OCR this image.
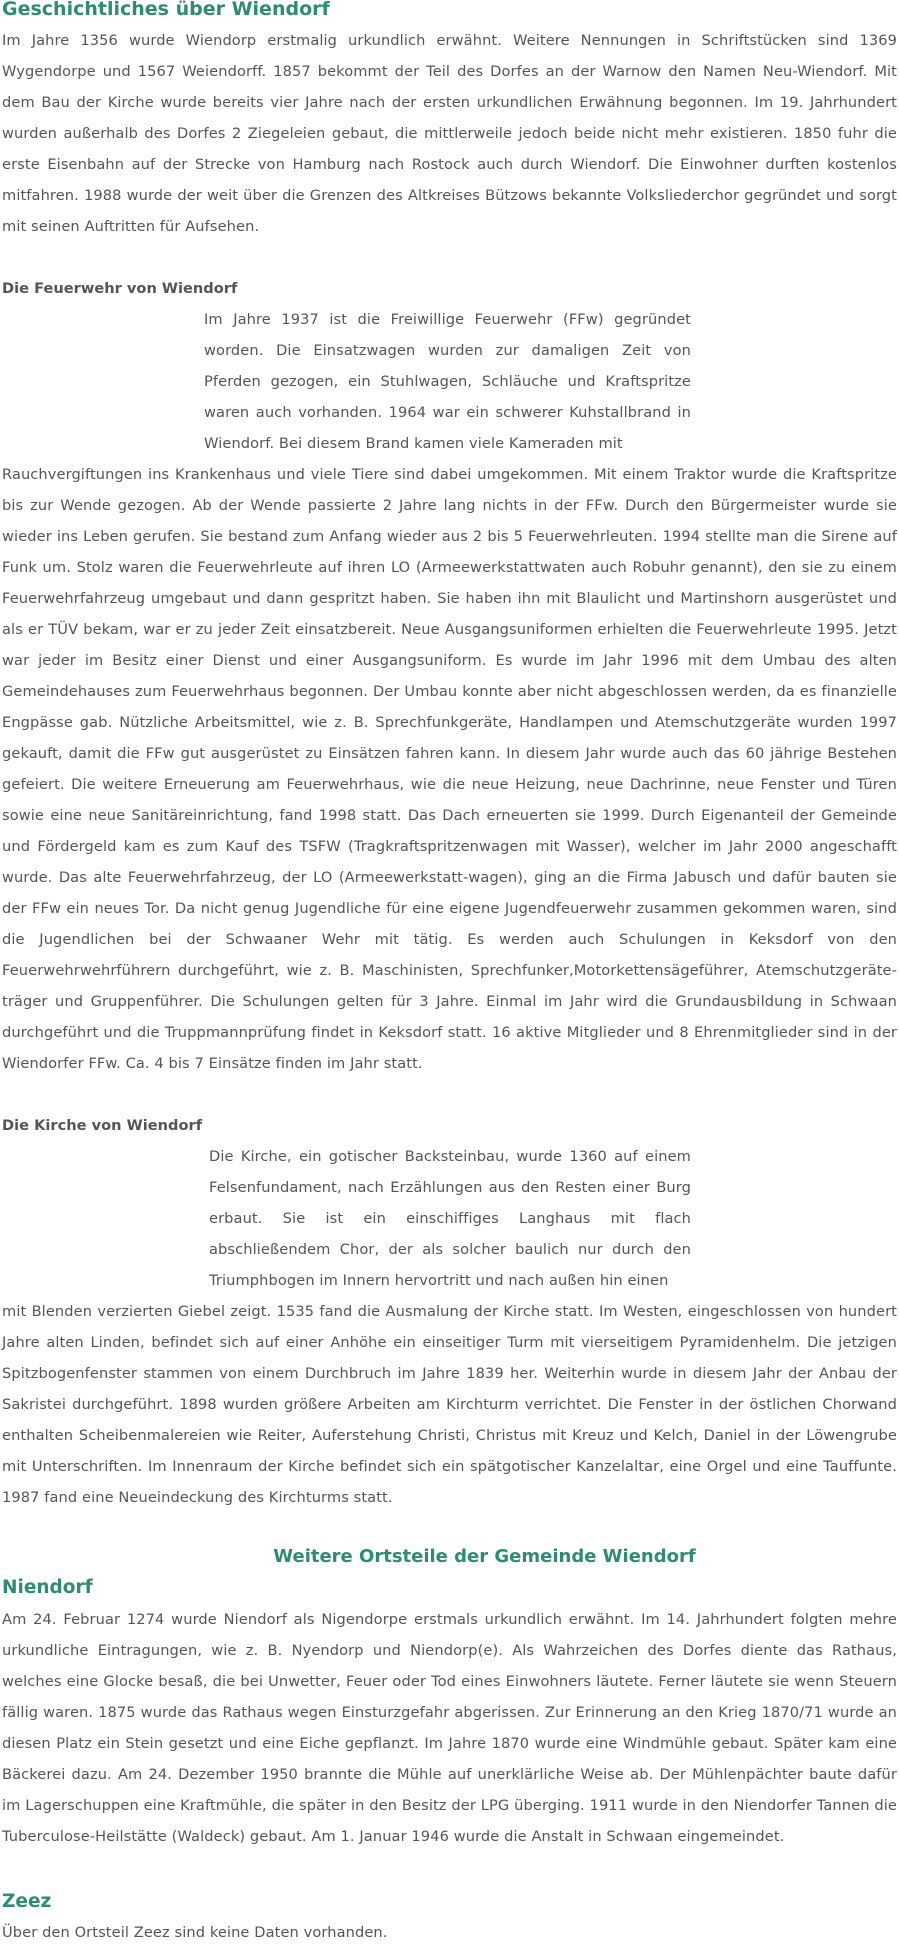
Geschichtliches über Wiendorf

Im Jahre 1356 wurde Wiendorp erstmalig urkundlich erwähnt. Weitere Nennungen in Schriftstücken sind 1369 Wygendorpe und 1567 Weiendorff. 1857 bekommt der Teil des Dorfes an der Warnow den Namen Neu-Wiendorf. Mit dem Bau der Kirche wurde bereits vier Jahre nach der ersten urkundlichen Erwähnung begonnen. Im 19. Jahrhundert wurden außerhalb des Dorfes 2 Ziegeleien gebaut, die mittlerweile jedoch beide nicht mehr existieren. 1850 fuhr die erste Eisenbahn auf der Strecke von Hamburg nach Rostock auch durch Wiendorf. Die Einwohner durften kostenlos mitfahren. 1988 wurde der weit über die Grenzen des Altkreises Bützows bekannte Volksliederchor gegründet und sorgt mit seinen Auftritten für Aufsehen.

Die Feuerwehr von Wiendorf

Im Jahre 1937 ist die Freiwillige Feuerwehr (FFw) gegründet worden. Die Einsatzwagen wurden zur damaligen Zeit von Pferden gezogen, ein Stuhlwagen, Schläuche und Kraftspritze waren auch vorhanden. 1964 war ein schwerer Kuhstallbrand in Wiendorf. Bei diesem Brand kamen viele Kameraden mit

Rauchvergiftungen ins Krankenhaus und viele Tiere sind dabei umgekommen. Mit einem Traktor wurde die Kraftspritze bis zur Wende gezogen. Ab der Wende passierte 2 Jahre lang nichts in der FFw. Durch den Bürgermeister wurde sie wieder ins Leben gerufen. Sie bestand zum Anfang wieder aus 2 bis 5 Feuerwehrleuten. 1994 stellte man die Sirene auf Funk um. Stolz waren die Feuerwehrleute auf ihren LO (Armeewerkstattwaten auch Robuhr genannt), den sie zu einem Feuerwehrfahrzeug umgebaut und dann gespritzt haben. Sie haben ihn mit Blaulicht und Martinshorn ausgerüstet und als er TÜV bekam, war er zu jeder Zeit einsatzbereit. Neue Ausgangsuniformen erhielten die Feuerwehrleute 1995. Jetzt war jeder im Besitz einer Dienst und einer Ausgangsuniform. Es wurde im Jahr 1996 mit dem Umbau des alten Gemeindehauses zum Feuerwehrhaus begonnen. Der Umbau konnte aber nicht abgeschlossen werden, da es finanzielle Engpässe gab. Nützliche Arbeitsmittel, wie z. B. Sprechfunkgeräte, Handlampen und Atemschutzgeräte wurden 1997 gekauft, damit die FFw gut ausgerüstet zu Einsätzen fahren kann. In diesem Jahr wurde auch das 60 jährige Bestehen gefeiert. Die weitere Erneuerung am Feuerwehrhaus, wie die neue Heizung, neue Dachrinne, neue Fenster und Türen sowie eine neue Sanitäreinrichtung, fand 1998 statt. Das Dach erneuerten sie 1999. Durch Eigenanteil der Gemeinde und Fördergeld kam es zum Kauf des TSFW (Tragkraftspritzenwagen mit Wasser), welcher im Jahr 2000 angeschafft wurde. Das alte Feuerwehrfahrzeug, der LO (Armeewerkstatt-wagen), ging an die Firma Jabusch und dafür bauten sie der FFw ein neues Tor. Da nicht genug Jugendliche für eine eigene Jugendfeuerwehr zusammen gekommen waren, sind die Jugendlichen bei der Schwaaner Wehr mit tätig. Es werden auch Schulungen in Keksdorf von den Feuerwehrwehrführern durchgeführt, wie z. B. Maschinisten, Sprechfunker,Motorkettensägeführer, Atemschutzgeräte-träger und Gruppenführer. Die Schulungen gelten für 3 Jahre. Einmal im Jahr wird die Grundausbildung in Schwaan durchgeführt und die Truppmannprüfung findet in Keksdorf statt. 16 aktive Mitglieder und 8 Ehrenmitglieder sind in der Wiendorfer FFw. Ca. 4 bis 7 Einsätze finden im Jahr statt.

Die Kirche von Wiendorf

Die Kirche, ein gotischer Backsteinbau, wurde 1360 auf einem Felsenfundament, nach Erzählungen aus den Resten einer Burg erbaut. Sie ist ein einschiffiges Langhaus mit flach abschließendem Chor, der als solcher baulich nur durch den Triumphbogen im Innern hervortritt und nach außen hin einen

mit Blenden verzierten Giebel zeigt. 1535 fand die Ausmalung der Kirche statt. Im Westen, eingeschlossen von hundert Jahre alten Linden, befindet sich auf einer Anhöhe ein einseitiger Turm mit vierseitigem Pyramidenhelm. Die jetzigen Spitzbogenfenster stammen von einem Durchbruch im Jahre 1839 her. Weiterhin wurde in diesem Jahr der Anbau der Sakristei durchgeführt. 1898 wurden größere Arbeiten am Kirchturm verrichtet. Die Fenster in der östlichen Chorwand enthalten Scheibenmalereien wie Reiter, Auferstehung Christi, Christus mit Kreuz und Kelch, Daniel in der Löwengrube mit Unterschriften. Im Innenraum der Kirche befindet sich ein spätgotischer Kanzelaltar, eine Orgel und eine Tauffunte. 1987 fand eine Neueindeckung des Kirchturms statt.

Weitere Ortsteile der Gemeinde Wiendorf

Niendorf

Am 24. Februar 1274 wurde Niendorf als Nigendorpe erstmals urkundlich erwähnt. Im 14. Jahrhundert folgten mehre urkundliche Eintragungen, wie z. B. Nyendorp und Niendorp(e). Als Wahrzeichen des Dorfes diente das Rathaus, welches eine Glocke besaß, die bei Unwetter, Feuer oder Tod eines Einwohners läutete. Ferner läutete sie wenn Steuern fällig waren. 1875 wurde das Rathaus wegen Einsturzgefahr abgerissen. Zur Erinnerung an den Krieg 1870/71 wurde an diesen Platz ein Stein gesetzt und eine Eiche gepflanzt. Im Jahre 1870 wurde eine Windmühle gebaut. Später kam eine Bäckerei dazu. Am 24. Dezember 1950 brannte die Mühle auf unerklärliche Weise ab. Der Mühlenpächter baute dafür im Lagerschuppen eine Kraftmühle, die später in den Besitz der LPG überging. 1911 wurde in den Niendorfer Tannen die Tuberculose-Heilstätte (Waldeck) gebaut. Am 1. Januar 1946 wurde die Anstalt in Schwaan eingemeindet.

Zeez

Über den Ortsteil Zeez sind keine Daten vorhanden.
